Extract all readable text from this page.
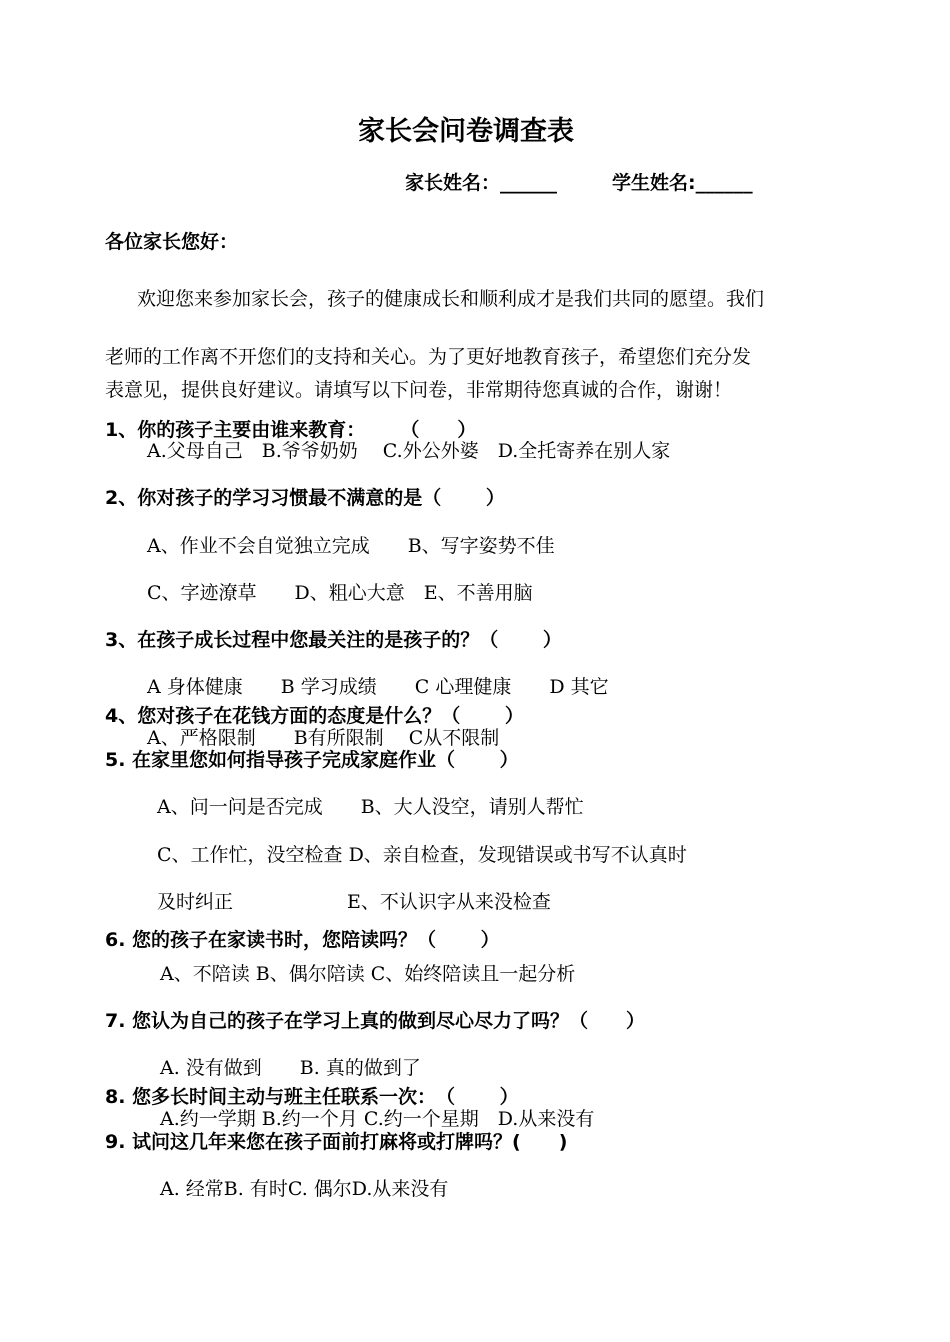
家长会问卷调查表
家长姓名：______	学生姓名:______
各位家长您好：
欢迎您来参加家长会，孩子的健康成长和顺利成才是我们共同的愿望。我们
老师的工作离不开您们的支持和关心。为了更好地教育孩子，希望您们充分发
表意见，提供良好建议。请填写以下问卷，非常期待您真诚的合作，谢谢！
1、你的孩子主要由谁来教育：　　 （　　）
A.父母自己　B.爷爷奶奶　 C.外公外婆　D.全托寄养在别人家
2、你对孩子的学习习惯最不满意的是（　　 ）
A、作业不会自觉独立完成　　B、写字姿势不佳
C、字迹潦草　　D、粗心大意　E、不善用脑
3、在孩子成长过程中您最关注的是孩子的？（　　 ）
A 身体健康　　B 学习成绩　　C 心理健康　　D 其它
4、您对孩子在花钱方面的态度是什么？（　　 ）
A、严格限制　　B有所限制　 C从不限制
5. 在家里您如何指导孩子完成家庭作业（　　 ）
A、问一问是否完成　　B、大人没空，请别人帮忙
C、工作忙，没空检查 D、亲自检查，发现错误或书写不认真时
及时纠正　　　　　　E、不认识字从来没检查
6. 您的孩子在家读书时，您陪读吗？（　　 ）
A、不陪读 B、偶尔陪读 C、始终陪读且一起分析
7. 您认为自己的孩子在学习上真的做到尽心尽力了吗？（　　）
A. 没有做到　　B. 真的做到了
8. 您多长时间主动与班主任联系一次：　（　　 ）
A.约一学期 B.约一个月 C.约一个星期　D.从来没有
9. 试问这几年来您在孩子面前打麻将或打牌吗？(　　)
A. 经常B. 有时C. 偶尔D.从来没有
